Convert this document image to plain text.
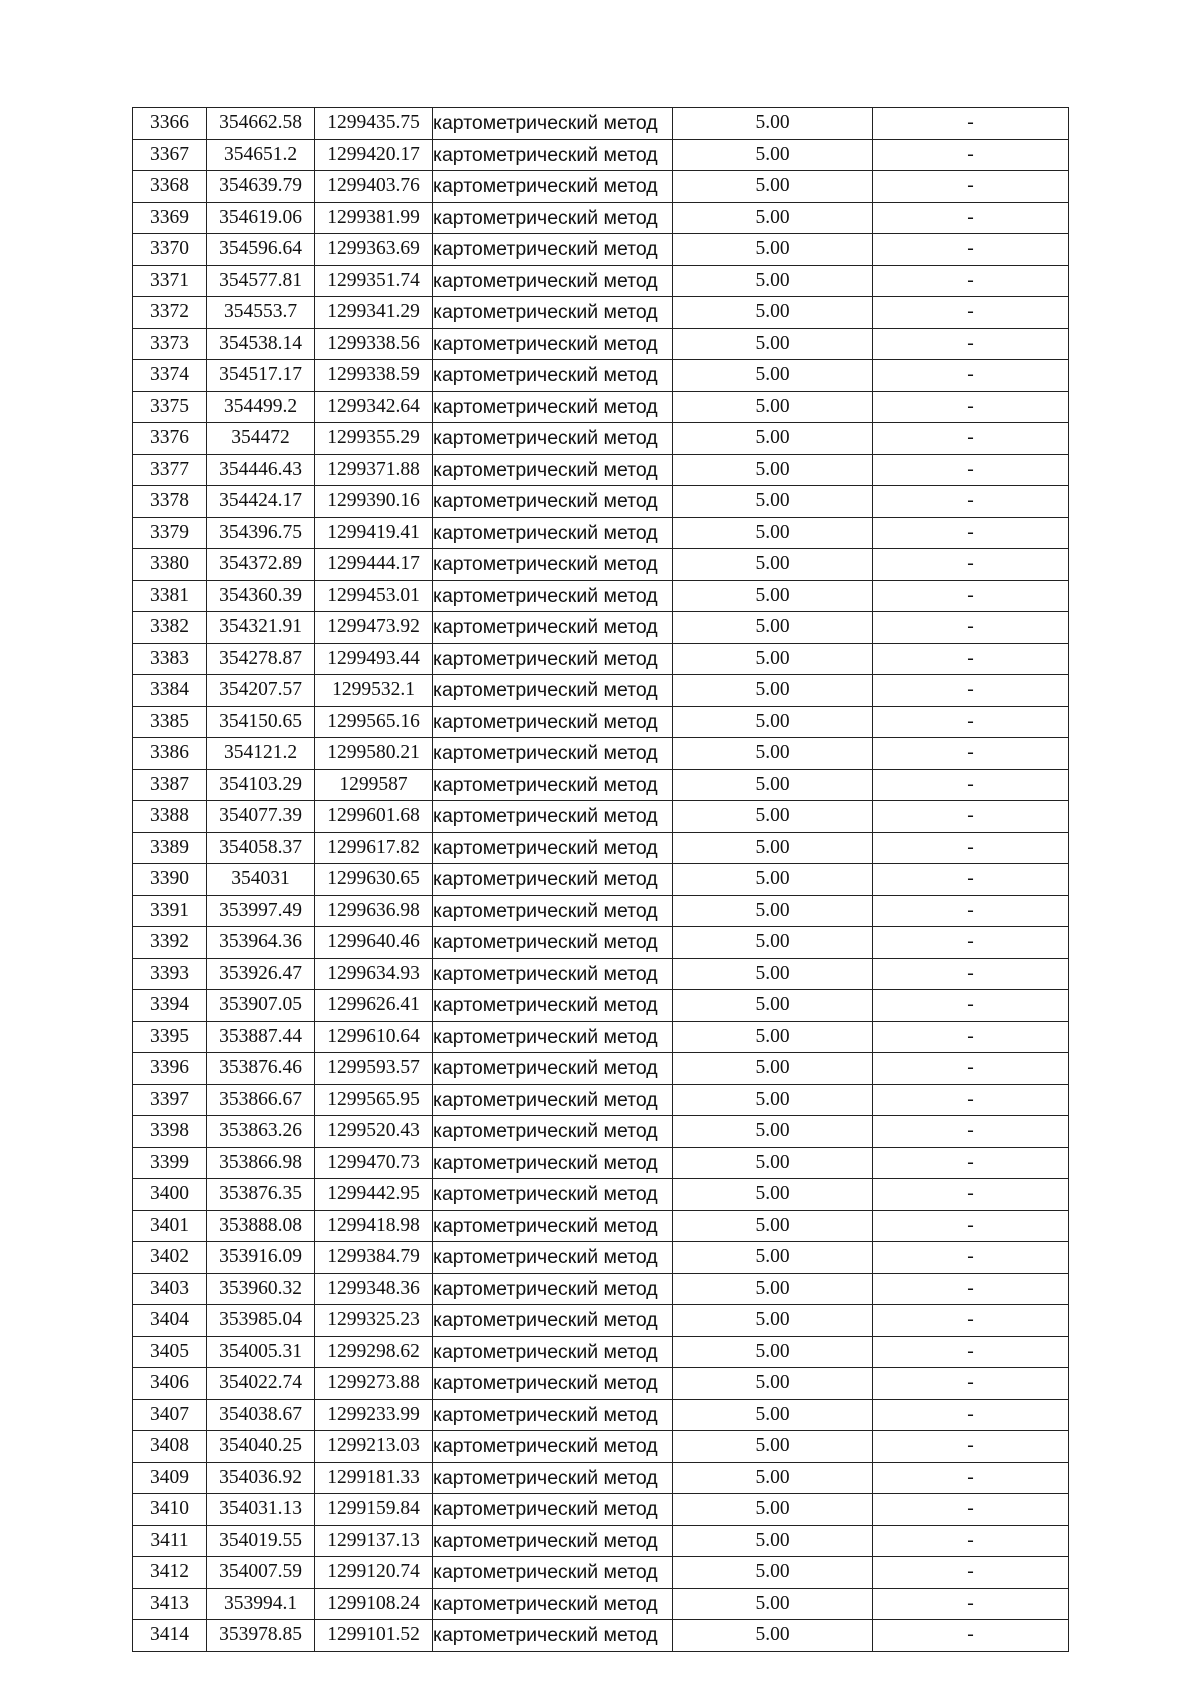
3366	354662.58	1299435.75	картометрический метод	5.00	-
3367	354651.2	1299420.17	картометрический метод	5.00	-
3368	354639.79	1299403.76	картометрический метод	5.00	-
3369	354619.06	1299381.99	картометрический метод	5.00	-
3370	354596.64	1299363.69	картометрический метод	5.00	-
3371	354577.81	1299351.74	картометрический метод	5.00	-
3372	354553.7	1299341.29	картометрический метод	5.00	-
3373	354538.14	1299338.56	картометрический метод	5.00	-
3374	354517.17	1299338.59	картометрический метод	5.00	-
3375	354499.2	1299342.64	картометрический метод	5.00	-
3376	354472	1299355.29	картометрический метод	5.00	-
3377	354446.43	1299371.88	картометрический метод	5.00	-
3378	354424.17	1299390.16	картометрический метод	5.00	-
3379	354396.75	1299419.41	картометрический метод	5.00	-
3380	354372.89	1299444.17	картометрический метод	5.00	-
3381	354360.39	1299453.01	картометрический метод	5.00	-
3382	354321.91	1299473.92	картометрический метод	5.00	-
3383	354278.87	1299493.44	картометрический метод	5.00	-
3384	354207.57	1299532.1	картометрический метод	5.00	-
3385	354150.65	1299565.16	картометрический метод	5.00	-
3386	354121.2	1299580.21	картометрический метод	5.00	-
3387	354103.29	1299587	картометрический метод	5.00	-
3388	354077.39	1299601.68	картометрический метод	5.00	-
3389	354058.37	1299617.82	картометрический метод	5.00	-
3390	354031	1299630.65	картометрический метод	5.00	-
3391	353997.49	1299636.98	картометрический метод	5.00	-
3392	353964.36	1299640.46	картометрический метод	5.00	-
3393	353926.47	1299634.93	картометрический метод	5.00	-
3394	353907.05	1299626.41	картометрический метод	5.00	-
3395	353887.44	1299610.64	картометрический метод	5.00	-
3396	353876.46	1299593.57	картометрический метод	5.00	-
3397	353866.67	1299565.95	картометрический метод	5.00	-
3398	353863.26	1299520.43	картометрический метод	5.00	-
3399	353866.98	1299470.73	картометрический метод	5.00	-
3400	353876.35	1299442.95	картометрический метод	5.00	-
3401	353888.08	1299418.98	картометрический метод	5.00	-
3402	353916.09	1299384.79	картометрический метод	5.00	-
3403	353960.32	1299348.36	картометрический метод	5.00	-
3404	353985.04	1299325.23	картометрический метод	5.00	-
3405	354005.31	1299298.62	картометрический метод	5.00	-
3406	354022.74	1299273.88	картометрический метод	5.00	-
3407	354038.67	1299233.99	картометрический метод	5.00	-
3408	354040.25	1299213.03	картометрический метод	5.00	-
3409	354036.92	1299181.33	картометрический метод	5.00	-
3410	354031.13	1299159.84	картометрический метод	5.00	-
3411	354019.55	1299137.13	картометрический метод	5.00	-
3412	354007.59	1299120.74	картометрический метод	5.00	-
3413	353994.1	1299108.24	картометрический метод	5.00	-
3414	353978.85	1299101.52	картометрический метод	5.00	-
